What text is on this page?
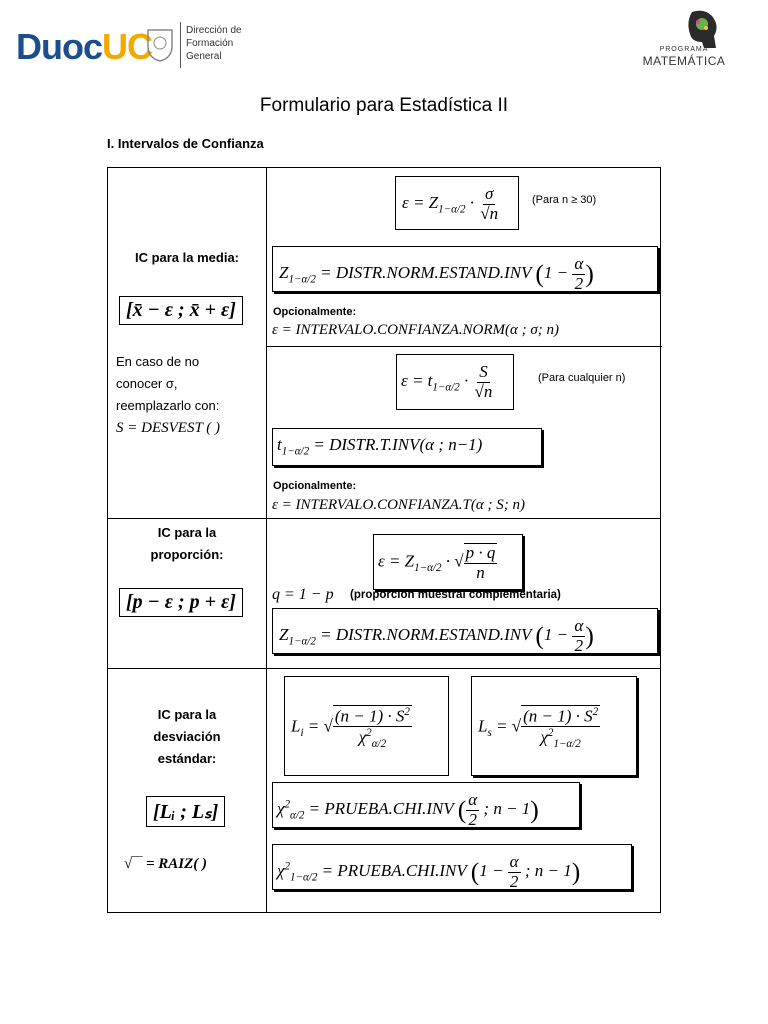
DuocUC	Dirección de
Formación
General
PROGRAMA
MATEMÁTICA
Formulario para Estadística II
I. Intervalos de Confianza
IC para la media:
[x̄ − ε ; x̄ + ε]
En caso de no
conocer σ,
reemplazarlo con:
S = DESVEST ( )
$\varepsilon = Z_{1-\alpha/2} \cdot \frac{\sigma}{√n}$	(Para n ≥ 30)
$Z_{1-\alpha/2}$ = DISTR.NORM.ESTAND.INV ($1 - \frac{\alpha}{2}$ )
Opcionalmente:
ε = INTERVALO.CONFIANZA.NORM(α ; σ; n)
$\varepsilon = t_{1-\alpha/2} \cdot \frac{S}{√n}$	(Para cualquier n)
$t_{1-\alpha/2}$ = DISTR.T.INV(α ; n−1)
Opcionalmente:
ε = INTERVALO.CONFIANZA.T(α ; S; n)
IC para la
proporción:
[p − ε ; p + ε]
$\varepsilon = Z_{1-\alpha/2}$ · √ $\frac{p \cdot q}{n}$
q = 1 − p (proporción muestral complementaria)
$Z_{1-\alpha/2}$ = DISTR.NORM.ESTAND.INV ($1 - \frac{\alpha}{2}$ )
IC para la
desviación
estándar:
[Lᵢ ; Lₛ]
√‾‾ = RAIZ( )
$L_i$ = √ $\frac{(n - 1) \cdot S^2}{\chi^2_{\alpha/2}}$	$L_s$ = √ $\frac{(n - 1) \cdot S^2}{\chi^2_{1-\alpha/2}}$
$\chi^2_{\alpha/2}$ = PRUEBA.CHI.INV ( $\frac{\alpha}{2}$ ; n − 1)
$\chi^2_{1-\alpha/2}$ = PRUEBA.CHI.INV ($1 - \frac{\alpha}{2}$ ; n − 1)
